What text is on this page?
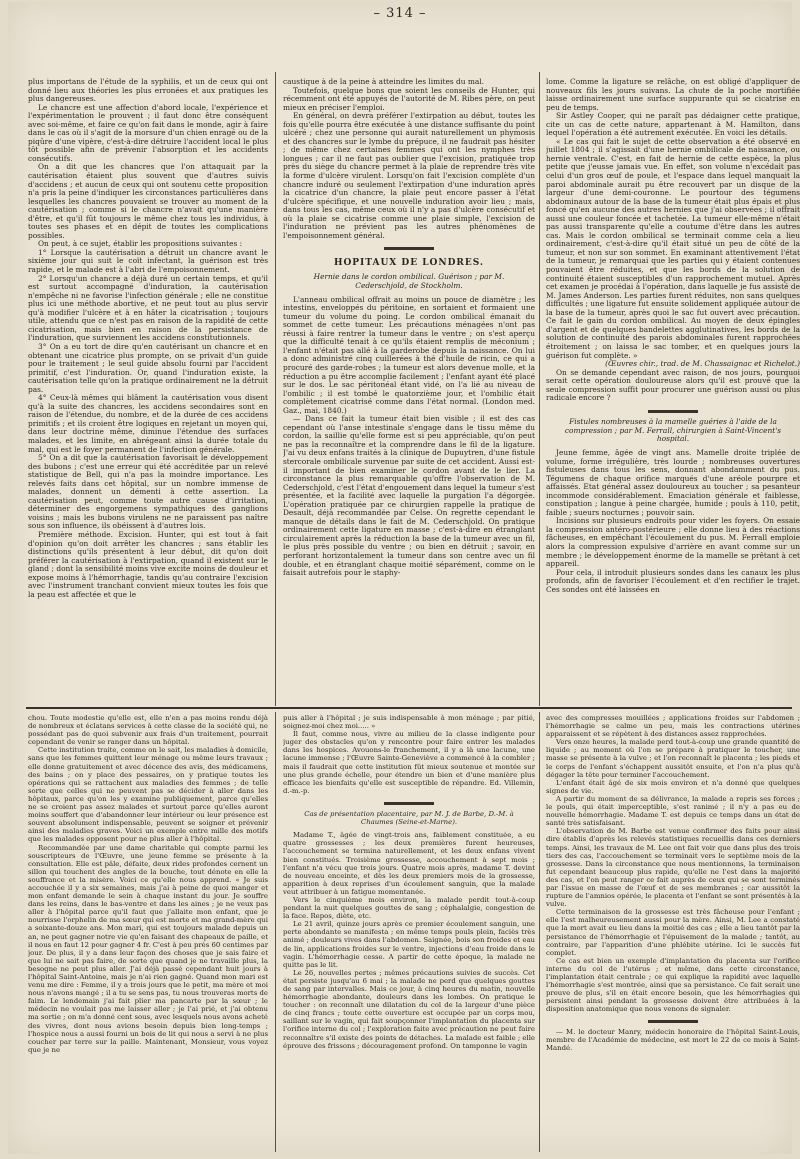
– 314 –

plus importans de l'étude de la syphilis, et un de ceux qui ont donné lieu aux théories les plus erronées et aux pratiques les plus dangereuses.

Le chancre est une affection d'abord locale, l'expérience et l'expérimentation le prouvent ; il faut donc être conséquent avec soi-même, et faire ce qu'on fait dans le monde, agir à faire dans le cas où il s'agit de la morsure d'un chien enragé ou de la piqûre d'une vipère, c'est-à-dire détruire l'accident local le plus tôt possible afin de prévenir l'absorption et les accidents consécutifs.

On a dit que les chancres que l'on attaquait par la cautérisation étaient plus souvent que d'autres suivis d'accidens ; et aucun de ceux qui ont soutenu cette proposition n'a pris la peine d'indiquer les circonstances particulières dans lesquelles les chancres pouvaient se trouver au moment de la cautérisation ; comme si le chancre n'avait qu'une manière d'être, et qu'il fût toujours le même chez tous les individus, à toutes ses phases et en dépit de toutes les complications possibles.

On peut, à ce sujet, établir les propositions suivantes :

1° Lorsque la cautérisation a détruit un chancre avant le sixième jour qui suit le coït infectant, la guérison est très rapide, et le malade est à l'abri de l'empoisonnement.

2° Lorsqu'un chancre a déjà duré un certain temps, et qu'il est surtout accompagné d'induration, la cautérisation n'empêche ni ne favorise l'infection générale ; elle ne constitue plus ici une méthode abortive, et ne peut tout au plus servir qu'à modifier l'ulcère et à en hâter la cicatrisation ; toujours utile, attendu que ce n'est pas en raison de la rapidité de cette cicatrisation, mais bien en raison de la persistance de l'induration, que surviennent les accidens constitutionnels.

3° On a eu tort de dire qu'en cautérisant un chancre et en obtenant une cicatrice plus prompte, on se privait d'un guide pour le traitement ; le seul guide absolu fourni par l'accident primitif, c'est l'induration. Or, quand l'induration existe, la cautérisation telle qu'on la pratique ordinairement ne la détruit pas.

4° Ceux-là mêmes qui blâment la cautérisation vous disent qu'à la suite des chancres, les accidens secondaires sont en raison de l'étendue, du nombre, et de la durée de ces accidens primitifs ; et ils croient être logiques en rejetant un moyen qui, dans leur doctrine même, diminue l'étendue des surfaces malades, et les limite, en abrégeant ainsi la durée totale du mal, qui est le foyer permanent de l'infection générale.

5° On a dit que la cautérisation favorisait le développement des bubons ; c'est une erreur qui été accréditée par un relevé statistique de Bell, qui n'a pas la moindre importance. Les relevés faits dans cet hôpital, sur un nombre immense de malades, donnent un démenti à cette assertion. La cautérisation peut, comme toute autre cause d'irritation, déterminer des engorgemens sympathiques des ganglions voisins ; mais les bubons virulens ne ne paraissent pas naître sous son influence, ils obéissent à d'autres lois.

Première méthode. Excision. Hunter, qui est tout à fait d'opinion qu'on doit arrêter les chancres ; sans établir les distinctions qu'ils présentent à leur début, dit qu'on doit préférer la cautérisation à l'extirpation, quand il existent sur le gland ; dont la sensibilité moins vive excite moins de douleur et expose moins à l'hémorrhagie, tandis qu'au contraire l'excision avec l'instrument tranchant convient mieux toutes les fois que la peau est affectée et que le

caustique à de la peine à atteindre les limites du mal.

Toutefois, quelque bons que soient les conseils de Hunter, qui récemment ont été appuyés de l'autorité de M. Ribes père, on peut mieux en préciser l'emploi.

En général, on devra préférer l'extirpation au début, toutes les fois qu'elle pourra être exécutée à une distance suffisante du point ulcéré ; chez une personne qui aurait naturellement un phymosis et des chancres sur le lymbe du prépuce, il ne faudrait pas hésiter ; de même chez certaines femmes qui ont les nymphes très longues ; car il ne faut pas oublier que l'excision, pratiquée trop près du siège du chancre permet à la plaie de reprendre très vite la forme d'ulcère virulent. Lorsqu'on fait l'excision complète d'un chancre induré ou seulement l'extirpation d'une induration après la cicatrice d'un chancre, la plaie peut encore passer à l'état d'ulcère spécifique, et une nouvelle induration avoir lieu ; mais, dans tous les cas, même ceux où il n'y a pas d'ulcère consécutif et où la plaie se cicatrise comme une plaie simple, l'excision de l'induration ne prévient pas les autres phénomènes de l'empoisonnement général.

HOPITAUX DE LONDRES.
Hernie dans le cordon ombilical. Guérison ; par M. Cederschjold, de Stockholm.

L'anneau ombilical offrait au moins un pouce de diamètre ; les intestins, enveloppés du péritoine, en sortaient et formaient une tumeur du volume du poing. Le cordon ombilical émanait du sommet de cette tumeur. Les précautions ménagées n'ont pas réussi à faire rentrer la tumeur dans le ventre ; on s'est aperçu que la difficulté tenait à ce qu'ils étaient remplis de méconium ; l'enfant n'était pas allé à la garderobe depuis la naissance. On lui a donc administré cinq cuillerées à thé d'huile de ricin, ce qui a procuré des garde-robes ; la tumeur est alors devenue molle, et la réduction a pu être accomplie facilement ; l'enfant ayant été placé sur le dos. Le sac péritonéal étant vidé, on l'a lié au niveau de l'ombilic ; il est tombé le quatorzième jour, et l'ombilic était complètement cicatrisé comme dans l'état normal. (London med. Gaz., mai, 1840.)

— Dans ce fait la tumeur était bien visible ; il est des cas cependant où l'anse intestinale s'engage dans le tissu même du cordon, la saillie qu'elle forme est si peu appréciable, qu'on peut ne pas la reconnaître et la comprendre dans le fil de la ligature. J'ai vu deux enfans traités à la clinique de Dupuytren, d'une fistule stercorale ombilicale survenue par suite de cet accident. Aussi est-il important de bien examiner le cordon avant de le lier. La circonstance la plus remarquable qu'offre l'observation de M. Cederschjold, c'est l'état d'engouement dans lequel la tumeur s'est présentée, et la facilité avec laquelle la purgation l'a dégorgée. L'opération pratiquée par ce chirurgien rappelle la pratique de Desault, déjà recommandée par Celse. On regrette cependant le manque de détails dans le fait de M. Cederschjold. On pratique ordinairement cette ligature en masse ; c'est-à-dire en étranglant circulairement après la réduction la base de la tumeur avec un fil, le plus près possible du ventre ; ou bien en détruit ; savoir, en perforant horizontalement la tumeur dans son centre avec un fil double, et en étranglant chaque moitié séparément, comme on le faisait autrefois pour le staphy-

lome. Comme la ligature se relâche, on est obligé d'appliquer de nouveaux fils les jours suivans. La chute de la poche mortifiée laisse ordinairement une surface suppurante qui se cicatrise en peu de temps.

Sir Astley Cooper, qui ne paraît pas dédaigner cette pratique, cite un cas de cette nature, appartenant à M. Hamilton, dans lequel l'opération a été autrement exécutée. En voici les détails.

« Le cas qui fait le sujet de cette observation a été observé en juillet 1804 ; il s'agissait d'une hernie ombilicale de naissance, ou hernie ventrale. C'est, en fait de hernie de cette espèce, la plus petite que j'eusse jamais vue. En effet, son volume n'excédait pas celui d'un gros œuf de poule, et l'espace dans lequel manquait la paroi abdominale aurait pu être recouvert par un disque de la largeur d'une demi-couronne. Le pourtour des tégumens abdominaux autour de la base de la tumeur était plus épais et plus foncé qu'en aucune des autres hernies que j'ai observées ; il offrait aussi une couleur foncée et tachetée. La tumeur elle-même n'était pas aussi transparente qu'elle a coutume d'être dans les autres cas. Mais le cordon ombilical se terminait comme cela a lieu ordinairement, c'est-à-dire qu'il était situé un peu de côté de la tumeur, et non sur son sommet. En examinant attentivement l'état de la tumeur, je remarquai que les parties qui y étaient contenues pouvaient être réduites, et que les bords de la solution de continuité étaient susceptibles d'un rapprochement mutuel. Après cet examen je procédai à l'opération, dans laquelle je fus assisté de M. James Anderson. Les parties furent réduites, non sans quelques difficultés ; une ligature fut ensuite solidement appliquée autour de la base de la tumeur, après quoi le sac fut ouvert avec précaution. Ce fait le gain du cordon ombilical. Au moyen de deux épingles d'argent et de quelques bandelettes agglutinatives, les bords de la solution de continuité des parois abdominales furent rapprochées étroitement ; on laissa le sac tomber, et en quelques jours la guérison fut complète. »

(Œuvres chir., trad. de M. Chassaignac et Richelot.)

On se demande cependant avec raison, de nos jours, pourquoi serait cette opération douloureuse alors qu'il est prouvé que la seule compression suffit pour procurer une guérison aussi ou plus radicale encore ?

Fistules nombreuses à la mamelle guéries à l'aide de la compression ; par M. Ferrall, chirurgien à Saint-Vincent's hospital.

Jeune femme, âgée de vingt ans. Mamelle droite triplée de volume, forme irrégulière, très lourde ; nombreuses ouvertures fistuleuses dans tous les sens, donnant abondamment du pus. Tégumens de chaque orifice marqués d'une aréole pourpre et affaissés. Etat général assez douloureux au toucher ; sa pesanteur incommode considérablement. Emaciation générale et faiblesse, constipation ; langue à peine chargée, humide ; pouls à 110, petit, faible ; sueurs nocturnes ; pouvoir sain.

Incisions sur plusieurs endroits pour vider les foyers. On essaie la compression antéro-postérieure ; elle donne lieu à des réactions fâcheuses, en empêchant l'écoulement du pus. M. Ferrall emploie alors la compression expulsive d'arrière en avant comme sur un membre ; le développement énorme de la mamelle se prêtant à cet appareil.

Pour cela, il introduit plusieurs sondes dans les canaux les plus profonds, afin de favoriser l'écoulement et d'en rectifier le trajet. Ces sondes ont été laissées en

chou. Toute modestie qu'elle est, elle n'en a pas moins rendu déjà de nombreux et éclatans services à cette classe de la société qui, ne possédant pas de quoi subvenir aux frais d'un traitement, pourrait cependant de venir se ranger dans un hôpital.

Cette institution traite, comme on le sait, les maladies à domicile, sans que les femmes quittent leur ménage ou même leurs travaux ; elle donne gratuitement et avec décence des avis, des médicamens, des bains ; on y place des pessaires, on y pratique toutes les opérations qui se rattachent aux maladies des femmes ; de telle sorte que celles qui ne peuvent pas se décider à aller dans les hôpitaux, parce qu'on les y examine publiquement, parce qu'elles ne se croient pas assez malades et surtout parce qu'elles auront moins souffert que d'abandonner leur intérieur ou leur présence est souvent absolument indispensable, peuvent se soigner et prévenir ainsi des maladies graves. Voici un exemple entre mille des motifs que les malades opposent pour ne plus aller à l'hôpital.

Recommandée par une dame charitable qui compte parmi les souscripteurs de l'Œuvre, une jeune femme se présente à la consultation. Elle est pâle, défaite, deux rides profondes cernent un sillon qui touchent des angles de la bouche, tout dénote en elle la souffrance et la misère. Voici ce qu'elle nous apprend. « Je suis accouchée il y a six semaines, mais j'ai à peine de quoi manger et mon enfant demande le sein à chaque instant du jour. Je souffre dans les reins, dans le bas-ventre et dans les aines ; je ne veux pas aller à l'hôpital parce qu'il faut que j'allaite mon enfant, que je nourrisse l'orphelin de ma sœur qui est morte et ma grand-mère qui a soixante-douze ans. Mon mari, qui est toujours malade depuis un an, ne peut gagner notre vie qu'en faisant des chapeaux de paille, et il nous en faut 12 pour gagner 4 fr. C'est à peu près 60 centimes par jour. De plus, il y a dans leur façon des choses que je sais faire et que lui ne sait pas faire, de sorte que quand je ne travaille plus, la besogne ne peut plus aller. J'ai déjà passé cependant huit jours à l'hôpital Saint-Antoine, mais je n'ai rien gagné. Quand mon mari est venu me dire : Femme, il y a trois jours que le petit, ma mère et moi nous n'avons mangé ; il a tu se sens pas, tu nous trouveras morts de faim. Le lendemain j'ai fait plier ma pancarte par la sœur ; le médecin ne voulait pas me laisser aller ; je l'ai prié, et j'ai obtenu ma sortie ; on m'a donné cent sous, avec lesquels nous avons acheté des vivres, dont nous avions besoin depuis bien long-temps ; l'hospice nous a aussi fourni un bois de lit qui nous a servi à ne plus coucher par terre sur la paille. Maintenant, Monsieur, vous voyez que je ne

puis aller à l'hôpital ; je suis indispensable à mon ménage ; par pitié, soignez-moi chez moi..... »

Il faut, comme nous, vivre au milieu de la classe indigente pour juger des obstacles qu'on y rencontre pour faire entrer les malades dans les hospices. Avouons-le franchement, il y a là une lacune, une lacune immense ; l'Œuvre Sainte-Geneviève a commencé à la combler ; mais il faudrait que cette institution fût mieux soutenue et montée sur une plus grande échelle, pour étendre un bien et d'une manière plus efficace les bienfaits qu'elle est susceptible de répandre. Ed. Villemin, d.-m.-p.

Cas de présentation placentaire, par M. J. de Barbe, D.-M. à Chaumes (Seine-et-Marne).

Madame T., âgée de vingt-trois ans, faiblement constituée, a eu quatre grossesses ; les deux premières furent heureuses, l'accouchement se termina naturellement, et les deux enfans vivent bien constitués. Troisième grossesse, accouchement à sept mois ; l'enfant n'a vécu que trois jours. Quatre mois après, madame T. devint de nouveau enceinte, et dès les deux premiers mois de la grossesse, apparition à deux reprises d'un écoulement sanguin, que la malade veut attribuer à un fatigue momentanée.

Vers le cinquième mois environ, la malade perdit tout-à-coup pendant la nuit quelques gouttes de sang ; céphalalgie, congestion de la face. Repos, diète, etc.

Le 21 avril, quinze jours après ce premier écoulement sanguin, une perte abondante se manifesta ; en même temps pouls plein, faciès très animé ; douleurs vives dans l'abdomen. Saignée, bois son froides et eau de lin, applications froides sur le ventre, injections d'eau froide dans le vagin. L'hémorrhagie cesse. A partir de cette époque, la malade ne quitte pas le lit.

Le 26, nouvelles pertes ; mêmes précautions suivies de succès. Cet état persiste jusqu'au 6 mai ; la malade ne perd que quelques gouttes de sang par intervalles. Mais ce jour, à cinq heures du matin, nouvelle hémorrhagie abondante, douleurs dans les lombes. On pratique le toucher : on reconnaît une dilatation du col de la largeur d'une pièce de cinq francs ; toute cette ouverture est occupée par un corps mou, saillant sur le vagin, qui fait soupçonner l'implantation du placenta sur l'orifice interne du col ; l'exploration faite avec précaution ne peut faire reconnaître s'il existe des points de détaches. La malade est faible ; elle éprouve des frissons ; découragement profond. On tamponne le vagin

avec des compresses mouillées ; applications froides sur l'abdomen ; l'hémorrhagie se calme un peu, mais les contractions utérines apparaissent et se répètent à des distances assez rapprochées.

Vers onze heures, la malade perd tout-à-coup une grande quantité de liquide ; au moment où l'on se prépare à pratiquer le toucher, une masse se présente à la vulve ; et l'on reconnaît le placenta ; les pieds et le corps de l'enfant s'échappent aussitôt ensuite, et l'on n'a plus qu'à dégager la tête pour terminer l'accouchement.

L'enfant était âgé de six mois environ et n'a donné que quelques signes de vie.

A partir du moment de sa délivrance, la malade a repris ses forces ; le pouls, qui était imperceptible, s'est ranimé ; il n'y a pas eu de nouvelle hémorrhagie. Madame T. est depuis ce temps dans un état de santé très satisfaisant.

L'observation de M. Barbe est venue confirmer des faits pour ainsi dire établis d'après les relevés statistiques recueillis dans ces derniers temps. Ainsi, les travaux de M. Lee ont fait voir que dans plus des trois tiers des cas, l'accouchement se terminait vers le septième mois de la grossesse. Dans la circonstance que nous mentionnons, la terminaison fut cependant beaucoup plus rapide, qu'elle ne l'est dans la majorité des cas, et l'on peut ranger ce fait auprès de ceux qui se sont terminés par l'issue en masse de l'œuf et de ses membranes ; car aussitôt la rupture de l'amnios opérée, le placenta et l'enfant se sont présentés à la vulve.

Cette terminaison de la grossesse est très fâcheuse pour l'enfant ; elle l'est malheureusement aussi pour la mère. Ainsi, M. Lee a constaté que la mort avait eu lieu dans la moitié des cas ; elle a lieu tantôt par la persistance de l'hémorrhagie et l'épuisement de la malade ; tantôt, au contraire, par l'apparition d'une phlébite utérine. Ici le succès fut complet.

Ce cas est bien un exemple d'implantation du placenta sur l'orifice interne du col de l'utérus ; et même, dans cette circonstance, l'implantation était centrale ; ce qui explique la rapidité avec laquelle l'hémorrhagie s'est montrée, ainsi que sa persistance. Ce fait serait une preuve de plus, s'il en était encore besoin, que les hémorrhagies qui persistent ainsi pendant la grossesse doivent être attribuées à la disposition anatomique que nous venons de signaler.

— M. le docteur Manry, médecin honoraire de l'hôpital Saint-Louis, membre de l'Académie de médecine, est mort le 22 de ce mois à Saint-Mandé.
